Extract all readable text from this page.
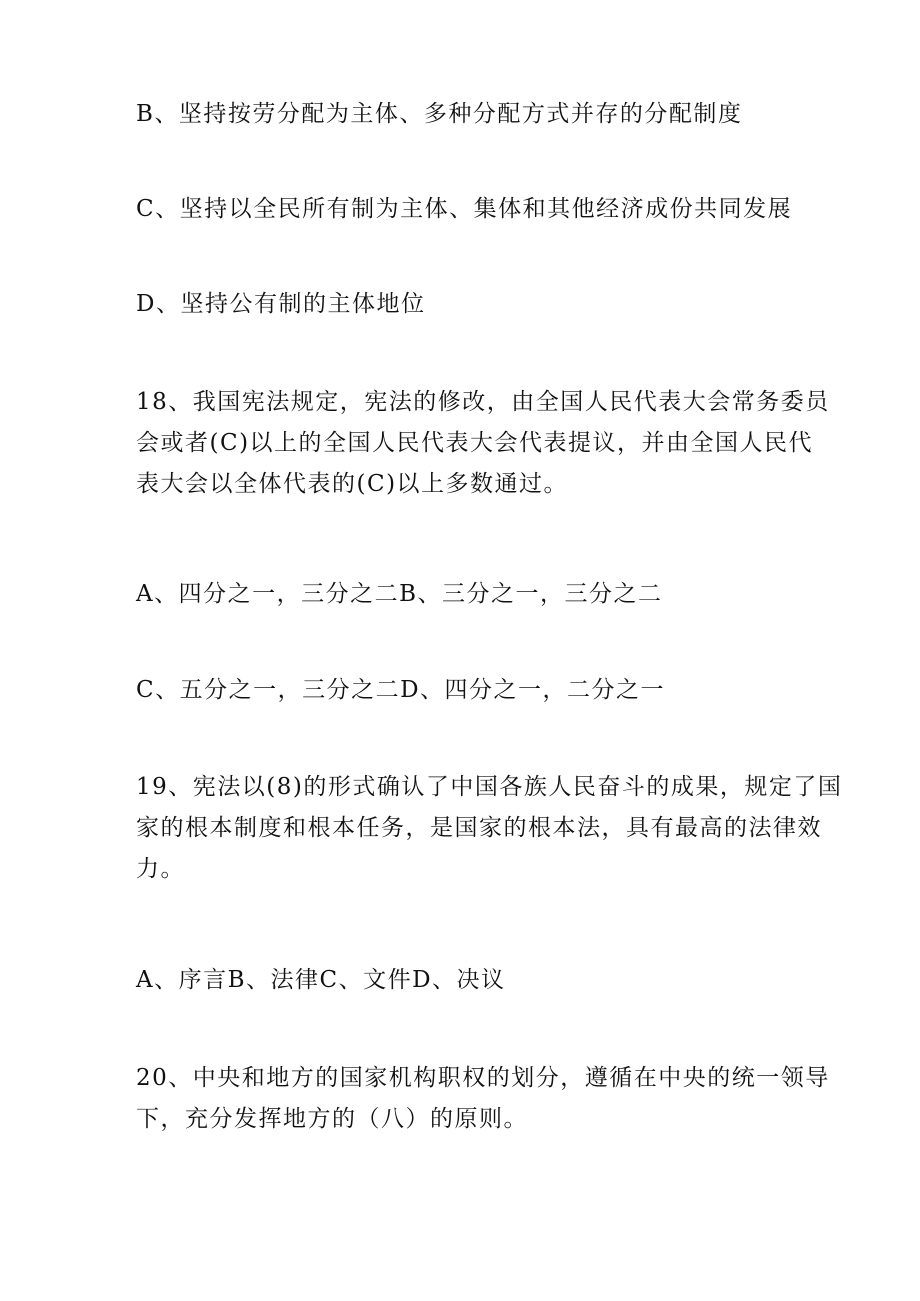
B、坚持按劳分配为主体、多种分配方式并存的分配制度

C、坚持以全民所有制为主体、集体和其他经济成份共同发展

D、坚持公有制的主体地位

18、我国宪法规定，宪法的修改，由全国人民代表大会常务委员
会或者(C)以上的全国人民代表大会代表提议，并由全国人民代
表大会以全体代表的(C)以上多数通过。

A、四分之一，三分之二B、三分之一，三分之二

C、五分之一，三分之二D、四分之一，二分之一

19、宪法以(8)的形式确认了中国各族人民奋斗的成果，规定了国
家的根本制度和根本任务，是国家的根本法，具有最高的法律效
力。

A、序言B、法律C、文件D、决议

20、中央和地方的国家机构职权的划分，遵循在中央的统一领导
下，充分发挥地方的（八）的原则。
